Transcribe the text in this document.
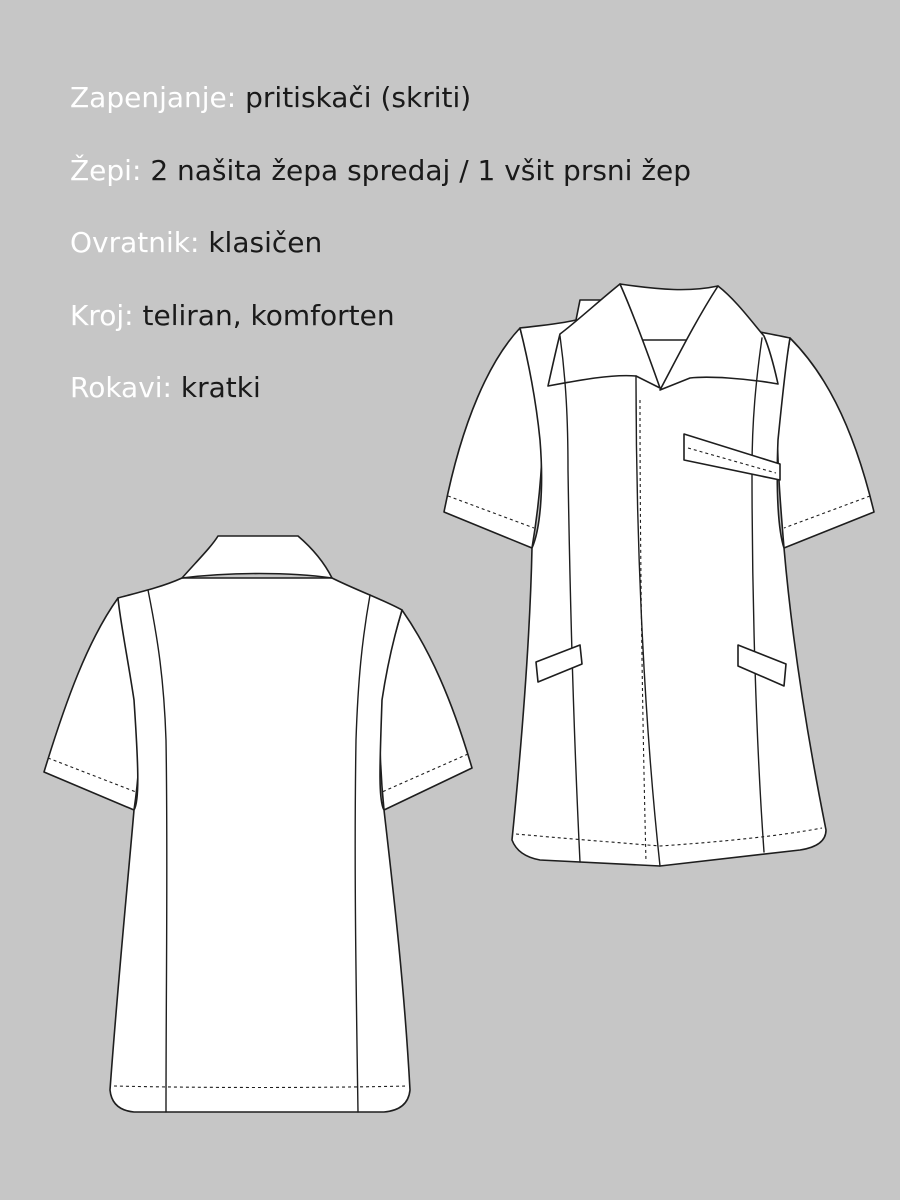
Zapenjanje: pritiskači (skriti)
Žepi: 2 našita žepa spredaj / 1 všit prsni žep
Ovratnik: klasičen
Kroj: teliran, komforten
Rokavi: kratki
